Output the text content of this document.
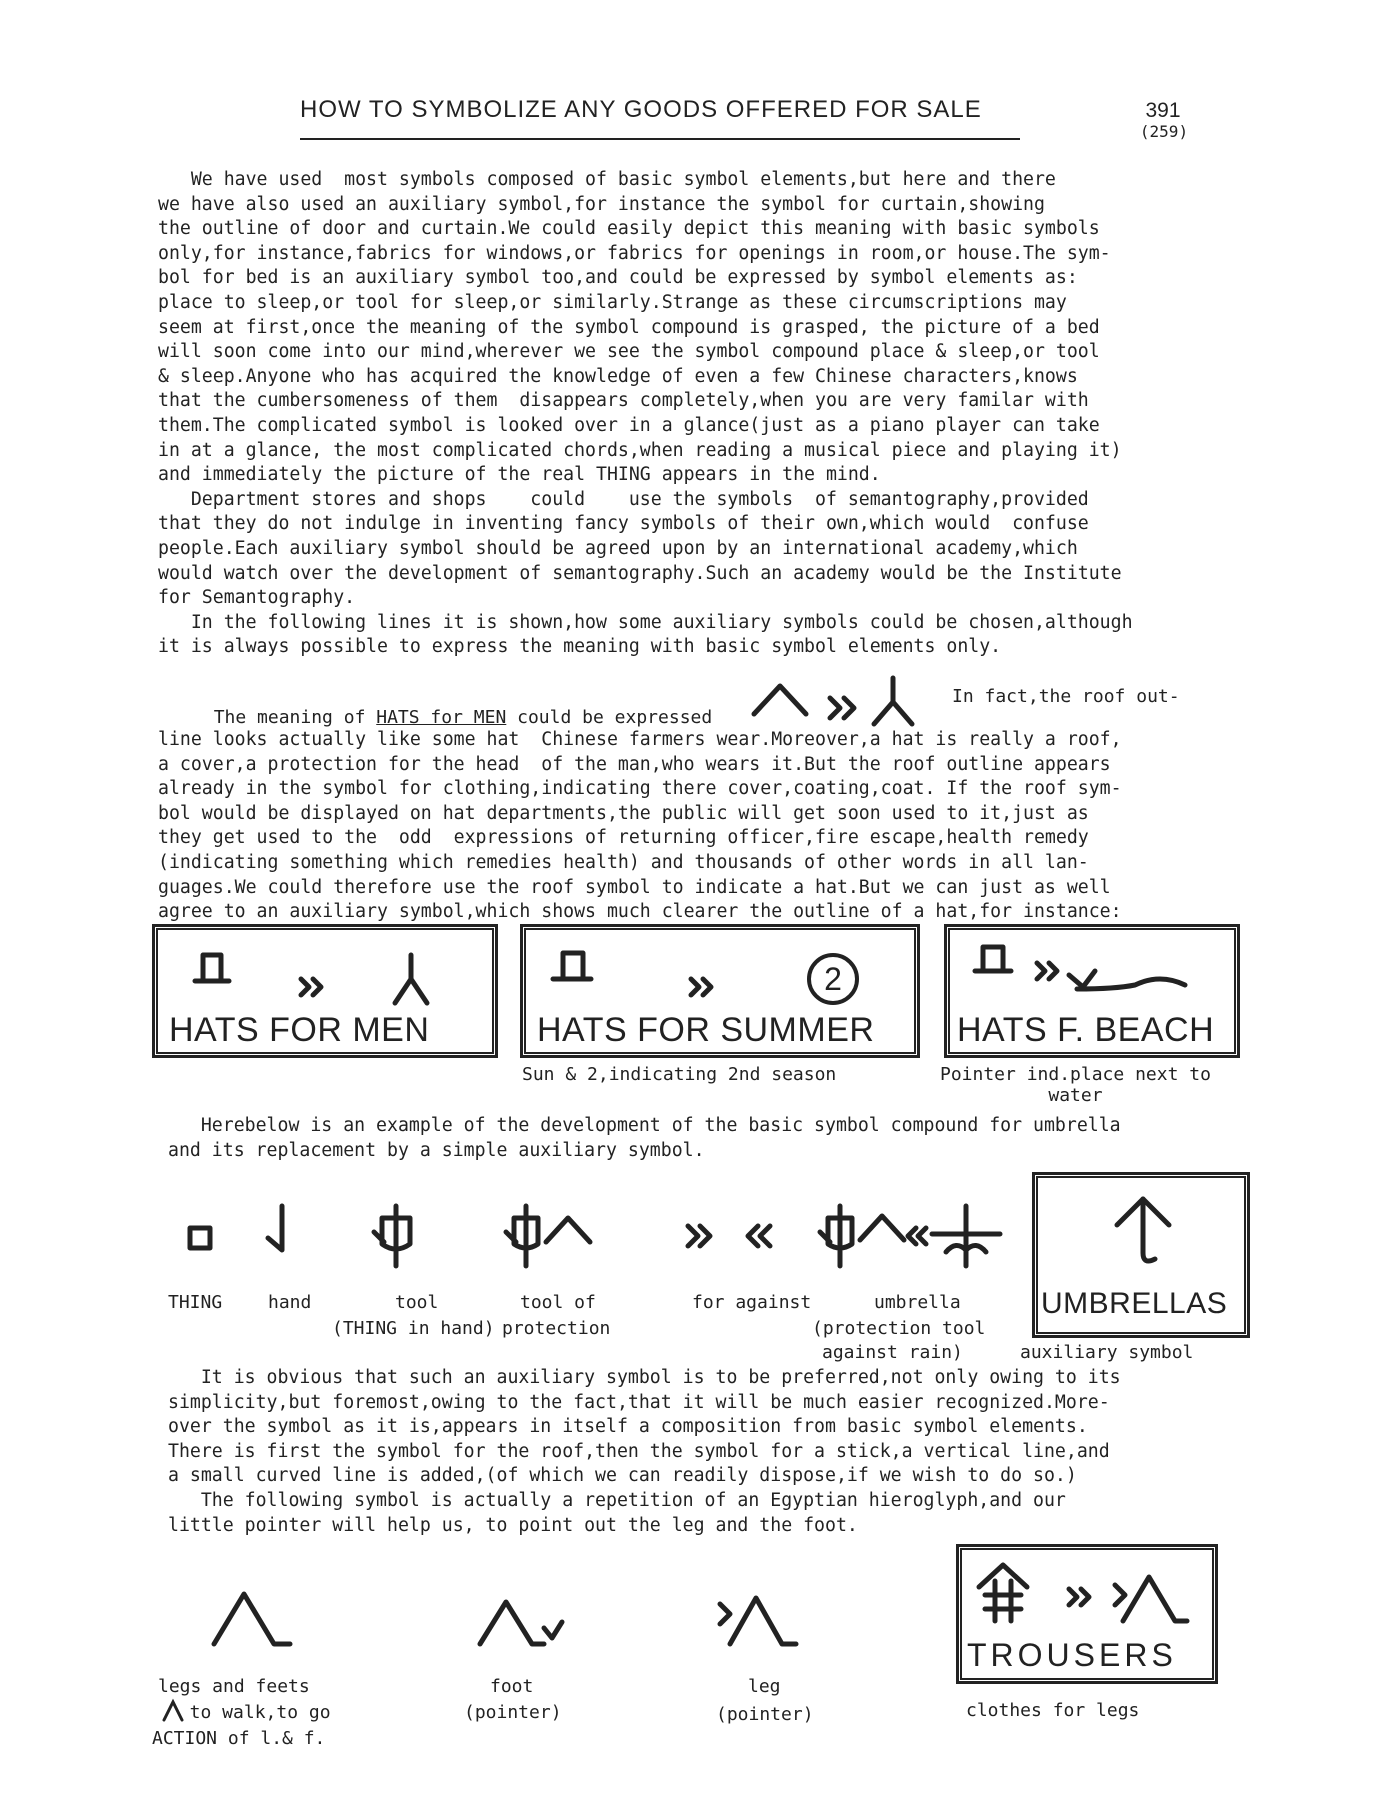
HOW TO SYMBOLIZE ANY GOODS OFFERED FOR SALE	391
(259)
We have used  most symbols composed of basic symbol elements,but here and there
we have also used an auxiliary symbol,for instance the symbol for curtain,showing
the outline of door and curtain.We could easily depict this meaning with basic symbols
only,for instance,fabrics for windows,or fabrics for openings in room,or house.The sym-
bol for bed is an auxiliary symbol too,and could be expressed by symbol elements as:
place to sleep,or tool for sleep,or similarly.Strange as these circumscriptions may
seem at first,once the meaning of the symbol compound is grasped, the picture of a bed
will soon come into our mind,wherever we see the symbol compound place & sleep,or tool
& sleep.Anyone who has acquired the knowledge of even a few Chinese characters,knows
that the cumbersomeness of them  disappears completely,when you are very familar with
them.The complicated symbol is looked over in a glance(just as a piano player can take
in at a glance, the most complicated chords,when reading a musical piece and playing it)
and immediately the picture of the real THING appears in the mind.
Department stores and shops    could    use the symbols  of semantography,provided
that they do not indulge in inventing fancy symbols of their own,which would  confuse
people.Each auxiliary symbol should be agreed upon by an international academy,which
would watch over the development of semantography.Such an academy would be the Institute
for Semantography.
In the following lines it is shown,how some auxiliary symbols could be chosen,although
it is always possible to express the meaning with basic symbol elements only.

The meaning of HATS for MEN could be expressed

In fact,the roof out-
line looks actually like some hat  Chinese farmers wear.Moreover,a hat is really a roof,
a cover,a protection for the head  of the man,who wears it.But the roof outline appears
already in the symbol for clothing,indicating there cover,coating,coat. If the roof sym-
bol would be displayed on hat departments,the public will get soon used to it,just as
they get used to the  odd  expressions of returning officer,fire escape,health remedy
(indicating something which remedies health) and thousands of other words in all lan-
guages.We could therefore use the roof symbol to indicate a hat.But we can just as well
agree to an auxiliary symbol,which shows much clearer the outline of a hat,for instance:
HATS FOR MEN
2
HATS FOR SUMMER HATS F. BEACH
Sun & 2,indicating 2nd season	Pointer ind.place next to
water
Herebelow is an example of the development of the basic symbol compound for umbrella
and its replacement by a simple auxiliary symbol.
UMBRELLAS
THING	hand	tool	tool of
(THING in hand) protection
for against	umbrella
(protection tool
against rain)	auxiliary symbol
It is obvious that such an auxiliary symbol is to be preferred,not only owing to its
simplicity,but foremost,owing to the fact,that it will be much easier recognized.More-
over the symbol as it is,appears in itself a composition from basic symbol elements.
There is first the symbol for the roof,then the symbol for a stick,a vertical line,and
a small curved line is added,(of which we can readily dispose,if we wish to do so.)
The following symbol is actually a repetition of an Egyptian hieroglyph,and our
little pointer will help us, to point out the leg and the foot.
TROUSERS
legs and feets
to walk,to go
ACTION of l.& f.
foot
(pointer)
leg
(pointer)	clothes for legs
